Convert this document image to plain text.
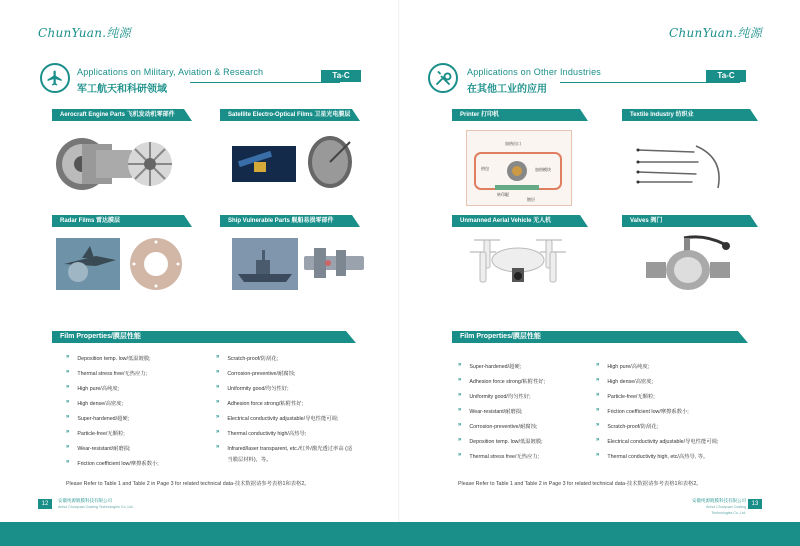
ChunYuan.纯源
Applications on Military, Aviation & Research
军工航天和科研领域
Ta-C
Aerocraft Engine Parts 飞机发动机零部件	Satellite Electro-Optical Films 卫星光电膜层
Radar Films 雷达膜层	Ship Vulnerable Parts 舰船易损零部件
Film Properties/膜层性能
» Deposition temp. low/低温镀膜;
» Thermal stress free/无热应力;
» High pure/高纯度;
» High dense/高密度;
» Super-hardened/超硬;
» Particle-free/无颗粒;
» Wear-resistant/耐磨损;
» Friction coefficient low/摩擦系数小;
» Scratch-proof/防刮花;
» Corrosion-preventive/耐腐蚀;
» Uniformity good/均匀性好;
» Adhesion force strong/粘附性好;
» Electrical conductivity adjustable/导电性能可调;
» Thermal conductivity high/高热导;
» Infrared/laser transparent, etc./红外/激光透过率高 (适
当膜层材料)，等。
Please Refer to Table 1 and Table 2 in Page 3 for related technical data-技术数据请参考表格1和表格2。
12
安徽纯源镀膜科技有限公司
Anhui Chunyuan Coating Technologies Co.,Ltd.
ChunYuan.纯源
Applications on Other Industries
在其他工业的应用
Ta-C
Printer 打印机	Textile Industry 纺织业
Unmanned Aerial Vehicle 无人机	Valves 阀门
加热出口
热包	加热模块
转印辊
镀层
Film Properties/膜层性能
» Super-hardened/超硬;
» Adhesion force strong/粘附性好;
» Uniformity good/均匀性好;
» Wear-resistant/耐磨损;
» Corrosion-preventive/耐腐蚀;
» Deposition temp. low/低温镀膜;
» Thermal stress free/无热应力;
» High pure/高纯度;
» High dense/高密度;
» Particle-free/无颗粒;
» Friction coefficient low/摩擦系数小;
» Scratch-proof/防刮花;
» Electrical conductivity adjustable/导电性能可调;
» Thermal conductivity high, etc/高热导, 等。
Please Refer to Table 1 and Table 2 in Page 3 for related technical data-技术数据请参考表格1和表格2。
安徽纯源镀膜科技有限公司
Anhui Chunyuan Coating Technologies Co.,Ltd.
13
